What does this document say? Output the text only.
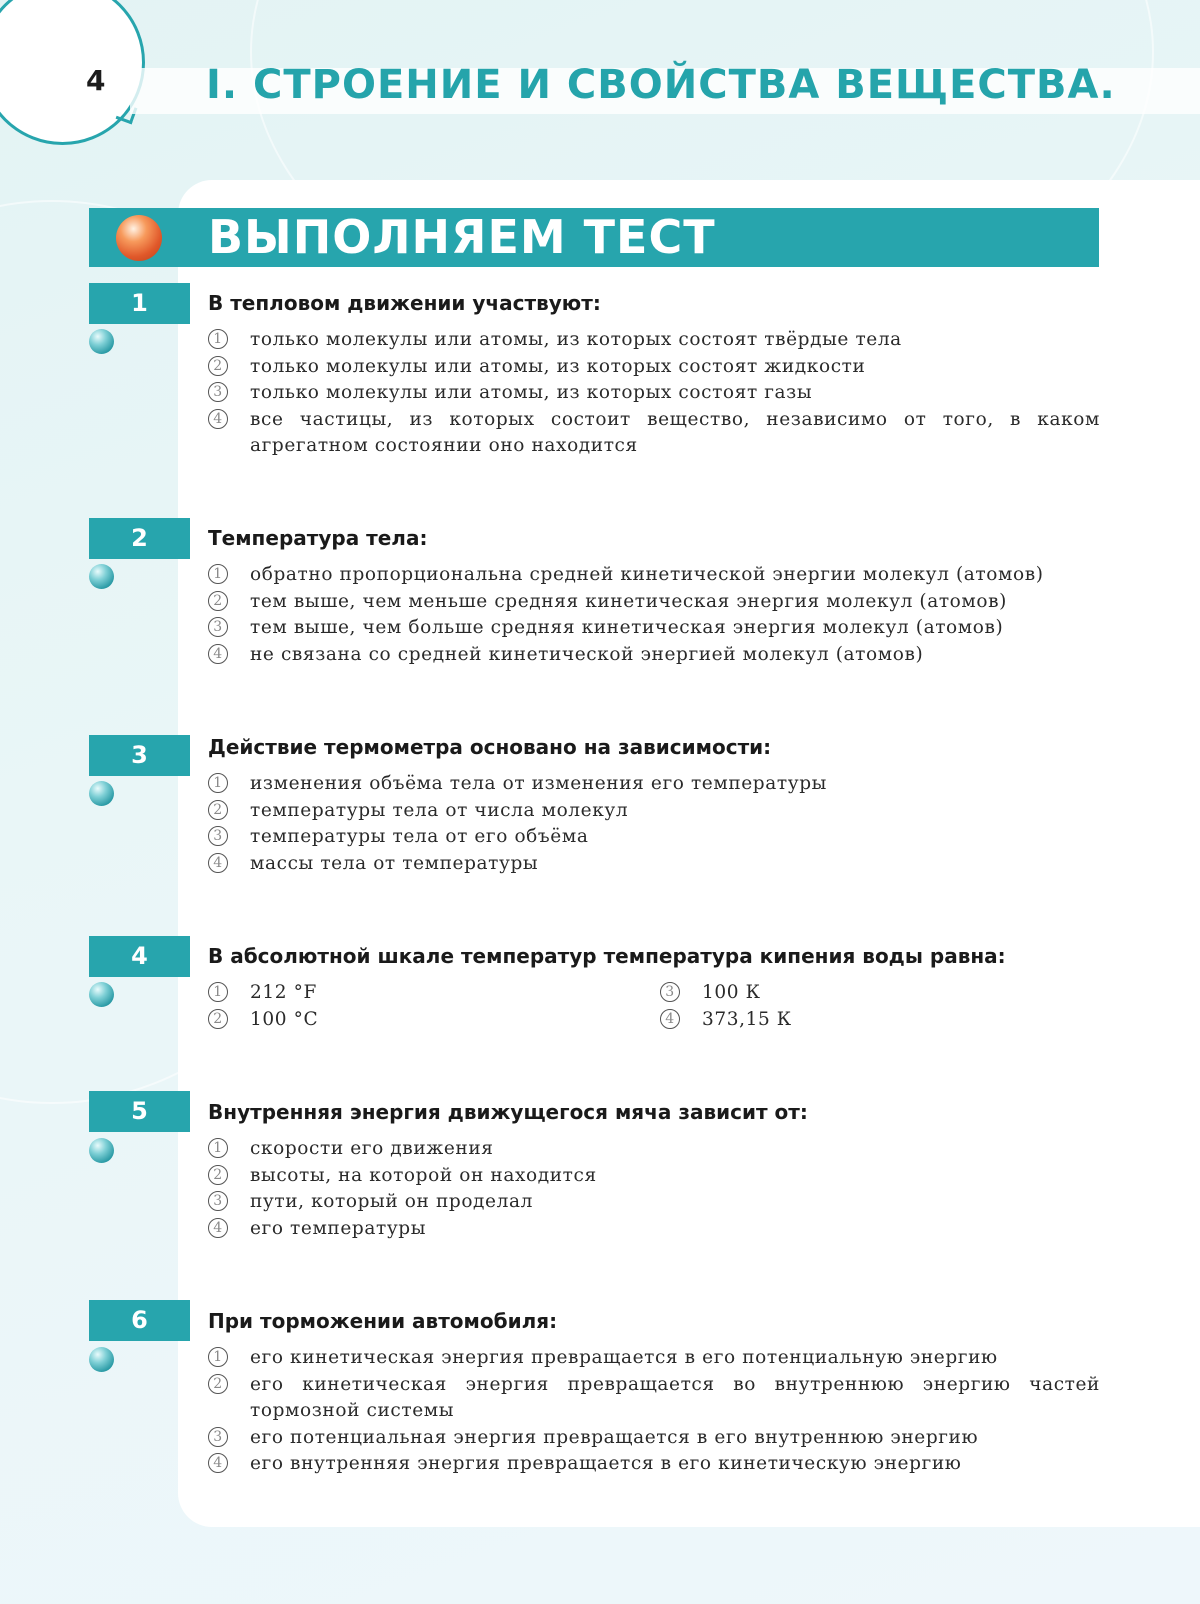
4	I. СТРОЕНИЕ И СВОЙСТВА ВЕЩЕСТВА.
ВЫПОЛНЯЕМ ТЕСТ
1	В тепловом движении участвуют:
1 только молекулы или атомы, из которых состоят твёрдые тела
2 только молекулы или атомы, из которых состоят жидкости
3 только молекулы или атомы, из которых состоят газы
4 все частицы, из которых состоит вещество, независимо от того, в каком агрегатном состоянии оно находится
2	Температура тела:
1 обратно пропорциональна средней кинетической энергии молекул (атомов)
2 тем выше, чем меньше средняя кинетическая энергия молекул (атомов)
3 тем выше, чем больше средняя кинетическая энергия молекул (атомов)
4 не связана со средней кинетической энергией молекул (атомов)
3	Действие термометра основано на зависимости:
1 изменения объёма тела от изменения его температуры
2 температуры тела от числа молекул
3 температуры тела от его объёма
4 массы тела от температуры
4	В абсолютной шкале температур температура кипения воды равна:
1 212 °F	3 100 К
2 100 °С	4 373,15 К
5	Внутренняя энергия движущегося мяча зависит от:
1 скорости его движения
2 высоты, на которой он находится
3 пути, который он проделал
4 его температуры
6	При торможении автомобиля:
1 его кинетическая энергия превращается в его потенциальную энергию
2 его кинетическая энергия превращается во внутреннюю энергию частей тормозной системы
3 его потенциальная энергия превращается в его внутреннюю энергию
4 его внутренняя энергия превращается в его кинетическую энергию
